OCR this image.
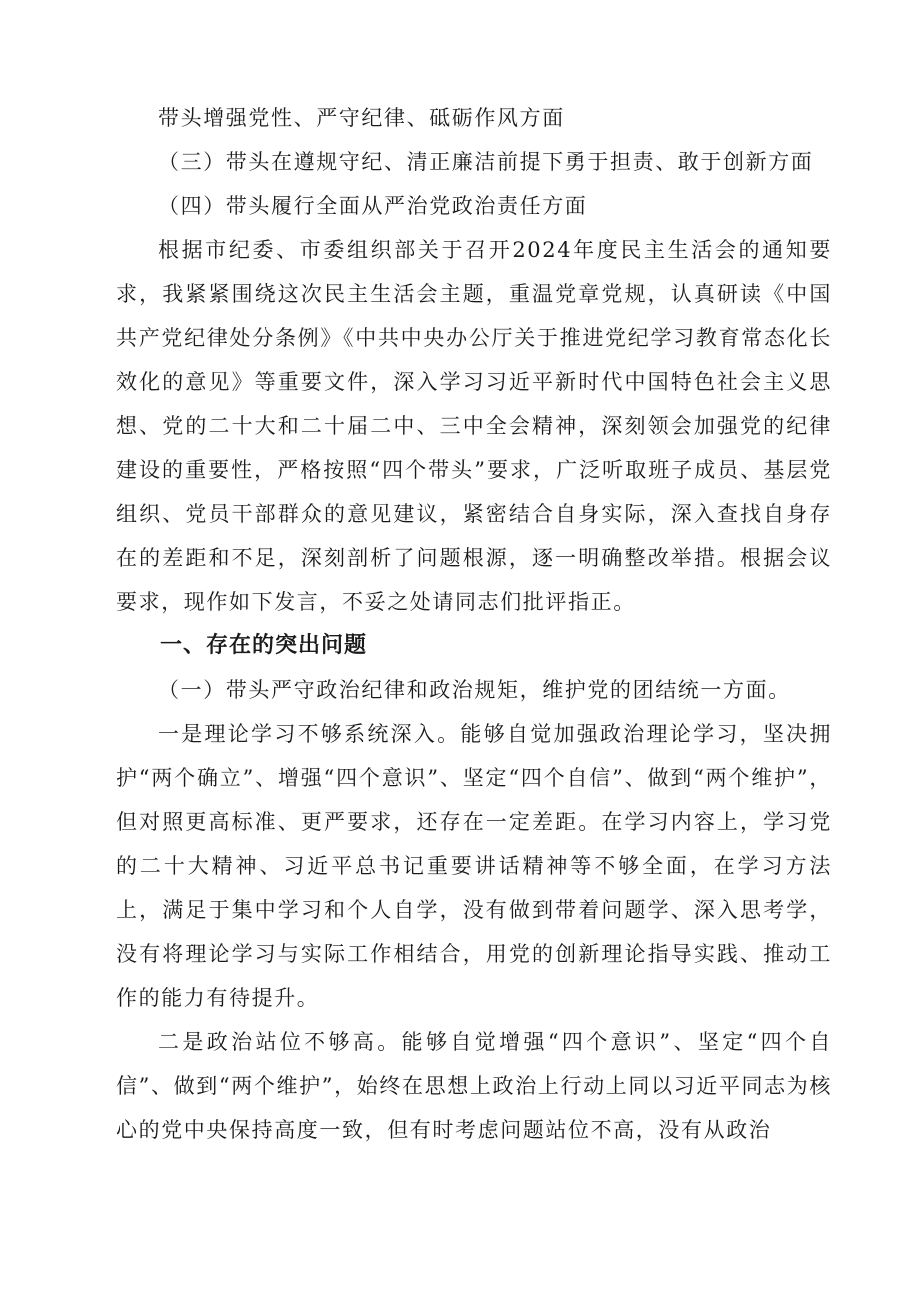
带头增强党性、严守纪律、砥砺作风方面

（三）带头在遵规守纪、清正廉洁前提下勇于担责、敢于创新方面

（四）带头履行全面从严治党政治责任方面

根据市纪委、市委组织部关于召开2024年度民主生活会的通知要求，我紧紧围绕这次民主生活会主题，重温党章党规，认真研读《中国共产党纪律处分条例》《中共中央办公厅关于推进党纪学习教育常态化长效化的意见》等重要文件，深入学习习近平新时代中国特色社会主义思想、党的二十大和二十届二中、三中全会精神，深刻领会加强党的纪律建设的重要性，严格按照“四个带头”要求，广泛听取班子成员、基层党组织、党员干部群众的意见建议，紧密结合自身实际，深入查找自身存在的差距和不足，深刻剖析了问题根源，逐一明确整改举措。根据会议要求，现作如下发言，不妥之处请同志们批评指正。

一、存在的突出问题

（一）带头严守政治纪律和政治规矩，维护党的团结统一方面。

一是理论学习不够系统深入。能够自觉加强政治理论学习，坚决拥护“两个确立”、增强“四个意识”、坚定“四个自信”、做到“两个维护”，但对照更高标准、更严要求，还存在一定差距。在学习内容上，学习党的二十大精神、习近平总书记重要讲话精神等不够全面，在学习方法上，满足于集中学习和个人自学，没有做到带着问题学、深入思考学，没有将理论学习与实际工作相结合，用党的创新理论指导实践、推动工作的能力有待提升。

二是政治站位不够高。能够自觉增强“四个意识”、坚定“四个自信”、做到“两个维护”，始终在思想上政治上行动上同以习近平同志为核心的党中央保持高度一致，但有时考虑问题站位不高，没有从政治
